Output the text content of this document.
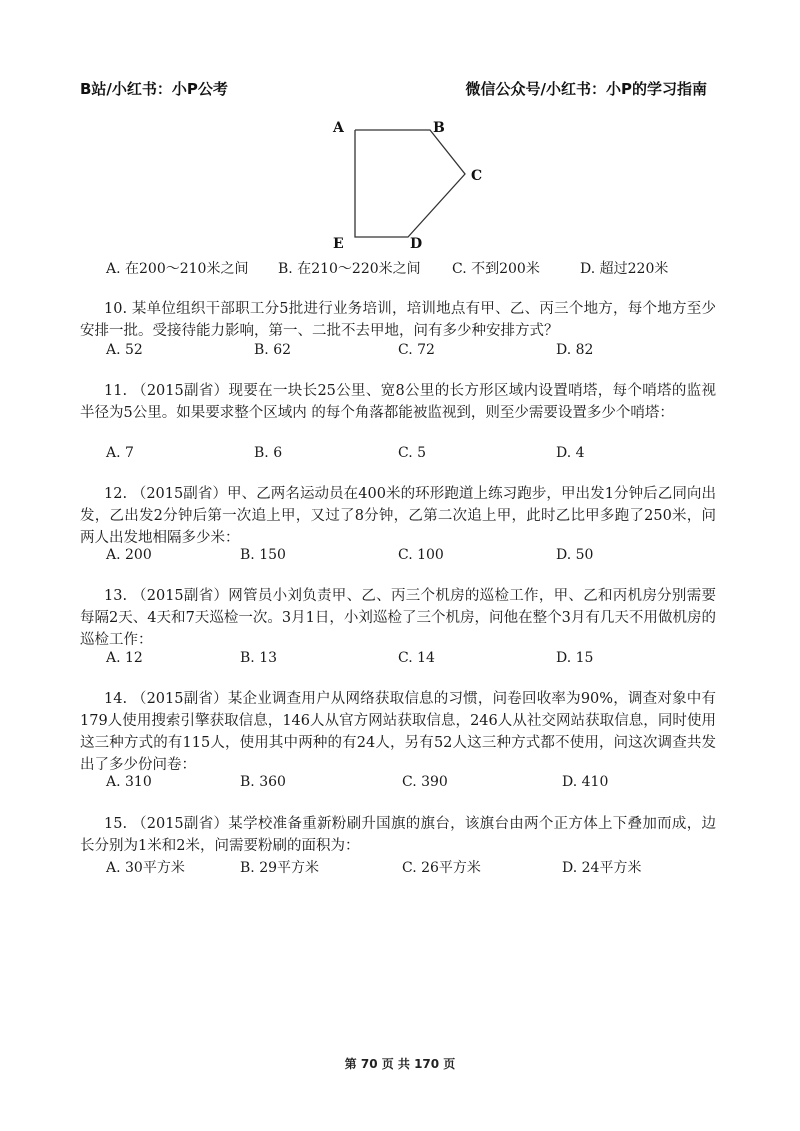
B站/小红书：小P公考	微信公众号/小红书：小P的学习指南
A	B
C
D
E
A. 在200～210米之间 B. 在210～220米之间 C. 不到200米	D. 超过220米
10. 某单位组织干部职工分5批进行业务培训，培训地点有甲、乙、丙三个地方，每个地方至少安排一批。受接待能力影响，第一、二批不去甲地，问有多少种安排方式？
A. 52	B. 62	C. 72	D. 82
11. （2015副省）现要在一块长25公里、宽8公里的长方形区域内设置哨塔，每个哨塔的监视半径为5公里。如果要求整个区域内 的每个角落都能被监视到，则至少需要设置多少个哨塔：
A. 7	B. 6	C. 5	D. 4
12. （2015副省）甲、乙两名运动员在400米的环形跑道上练习跑步，甲出发1分钟后乙同向出发，乙出发2分钟后第一次追上甲，又过了8分钟，乙第二次追上甲，此时乙比甲多跑了250米，问两人出发地相隔多少米：
A. 200	B. 150	C. 100	D. 50
13. （2015副省）网管员小刘负责甲、乙、丙三个机房的巡检工作，甲、乙和丙机房分别需要每隔2天、4天和7天巡检一次。3月1日，小刘巡检了三个机房，问他在整个3月有几天不用做机房的巡检工作：
A. 12	B. 13	C. 14	D. 15
14. （2015副省）某企业调查用户从网络获取信息的习惯，问卷回收率为90%，调查对象中有179人使用搜索引擎获取信息，146人从官方网站获取信息，246人从社交网站获取信息，同时使用这三种方式的有115人，使用其中两种的有24人，另有52人这三种方式都不使用，问这次调查共发出了多少份问卷：
A. 310	B. 360	C. 390	D. 410
15. （2015副省）某学校准备重新粉刷升国旗的旗台，该旗台由两个正方体上下叠加而成，边长分别为1米和2米，问需要粉刷的面积为：
A. 30平方米	B. 29平方米	C. 26平方米	D. 24平方米
第 70 页 共 170 页
